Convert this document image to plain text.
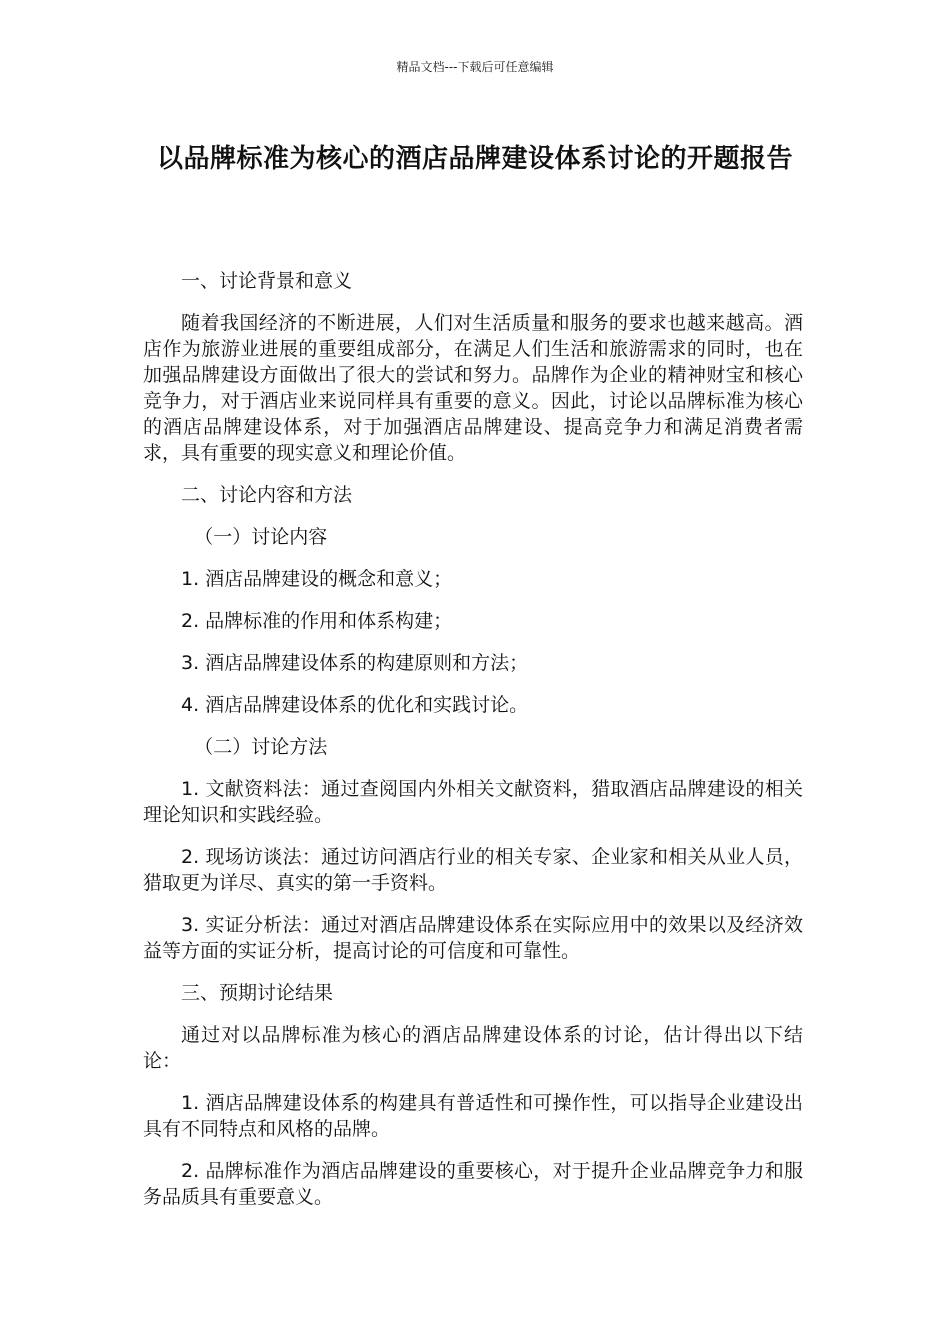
精品文档---下载后可任意编辑
以品牌标准为核心的酒店品牌建设体系讨论的开题报告

一、讨论背景和意义

随着我国经济的不断进展，人们对生活质量和服务的要求也越来越高。酒店作为旅游业进展的重要组成部分，在满足人们生活和旅游需求的同时，也在加强品牌建设方面做出了很大的尝试和努力。品牌作为企业的精神财宝和核心竞争力，对于酒店业来说同样具有重要的意义。因此，讨论以品牌标准为核心的酒店品牌建设体系，对于加强酒店品牌建设、提高竞争力和满足消费者需求，具有重要的现实意义和理论价值。

二、讨论内容和方法

（一）讨论内容

1. 酒店品牌建设的概念和意义；

2. 品牌标准的作用和体系构建；

3. 酒店品牌建设体系的构建原则和方法；

4. 酒店品牌建设体系的优化和实践讨论。

（二）讨论方法

1. 文献资料法：通过查阅国内外相关文献资料，猎取酒店品牌建设的相关理论知识和实践经验。

2. 现场访谈法：通过访问酒店行业的相关专家、企业家和相关从业人员，猎取更为详尽、真实的第一手资料。

3. 实证分析法：通过对酒店品牌建设体系在实际应用中的效果以及经济效益等方面的实证分析，提高讨论的可信度和可靠性。

三、预期讨论结果

通过对以品牌标准为核心的酒店品牌建设体系的讨论，估计得出以下结论：

1. 酒店品牌建设体系的构建具有普适性和可操作性，可以指导企业建设出具有不同特点和风格的品牌。

2. 品牌标准作为酒店品牌建设的重要核心，对于提升企业品牌竞争力和服务品质具有重要意义。
